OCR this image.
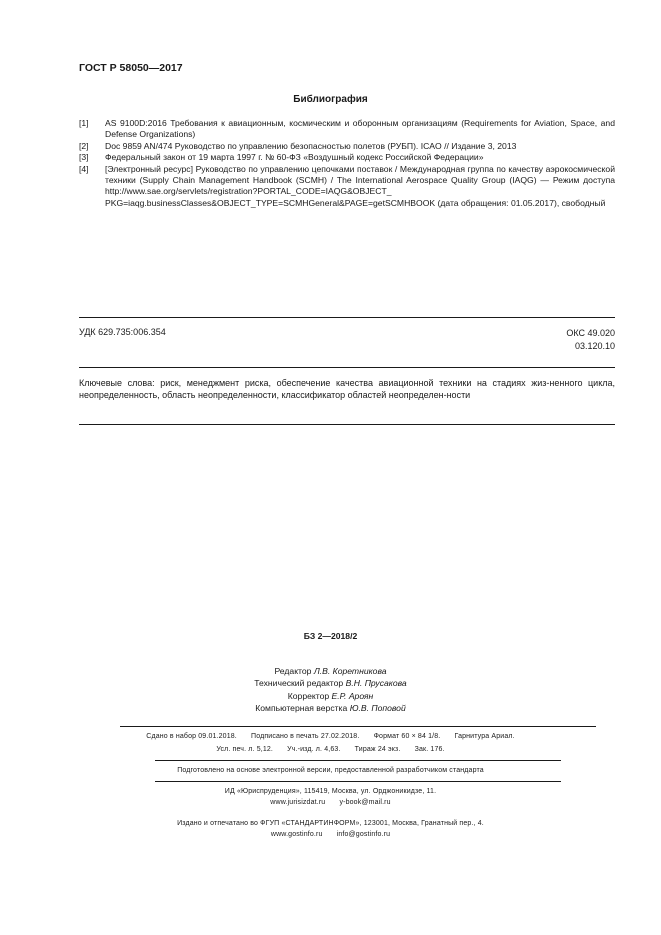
ГОСТ Р 58050—2017
Библиография
[1]	AS 9100D:2016 Требования к авиационным, космическим и оборонным организациям (Requirements for Aviation, Space, and Defense Organizations)
[2]	Doc 9859 AN/474 Руководство по управлению безопасностью полетов (РУБП). ICAO // Издание 3, 2013
[3]	Федеральный закон от 19 марта 1997 г. № 60-ФЗ «Воздушный кодекс Российской Федерации»
[4]	[Электронный ресурс] Руководство по управлению цепочками поставок / Международная группа по качеству аэрокосмической техники (Supply Chain Management Handbook (SCMH) / The International Aerospace Quality Group (IAQG) — Режим доступа http://www.sae.org/servlets/registration?PORTAL_CODE=IAQG&OBJECT_ PKG=iaqg.businessClasses&OBJECT_TYPE=SCMHGeneral&PAGE=getSCMHBOOK (дата обращения: 01.05.2017), свободный
УДК 629.735:006.354	ОКС 49.020
03.120.10
Ключевые слова: риск, менеджмент риска, обеспечение качества авиационной техники на стадиях жиз-ненного цикла, неопределенность, область неопределенности, классификатор областей неопределен-ности
БЗ 2—2018/2
Редактор Л.В. Коретникова
Технический редактор В.Н. Прусакова
Корректор Е.Р. Ароян
Компьютерная верстка Ю.В. Поповой
Сдано в набор 09.01.2018. Подписано в печать 27.02.2018. Формат 60 × 84 1/8. Гарнитура Ариал.
Усл. печ. л. 5,12. Уч.-изд. л. 4,63. Тираж 24 экз. Зак. 176.
Подготовлено на основе электронной версии, предоставленной разработчиком стандарта
ИД «Юриспруденция», 115419, Москва, ул. Орджоникидзе, 11.
www.jurisizdat.ru y-book@mail.ru
Издано и отпечатано во ФГУП «СТАНДАРТИНФОРМ», 123001, Москва, Гранатный пер., 4.
www.gostinfo.ru info@gostinfo.ru
